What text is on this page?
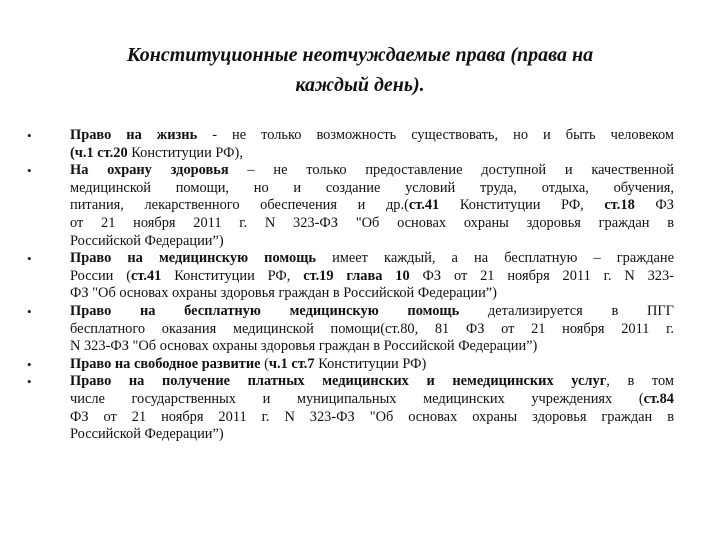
Конституционные неотчуждаемые права (права на
каждый день).
•	Право на жизнь - не только возможность существовать, но и быть человеком
(ч.1 ст.20 Конституции РФ),
•	На охрану здоровья – не только предоставление доступной и качественной
медицинской помощи, но и создание условий труда, отдыха, обучения,
питания, лекарственного обеспечения и др.(ст.41 Конституции РФ, ст.18 ФЗ
от 21 ноября 2011 г. N 323-ФЗ "Об основах охраны здоровья граждан в
Российской Федерации”)
•	Право на медицинскую помощь имеет каждый, а на бесплатную – граждане
России (ст.41 Конституции РФ, ст.19 глава 10 ФЗ от 21 ноября 2011 г. N 323-
ФЗ "Об основах охраны здоровья граждан в Российской Федерации”)
•	Право на бесплатную медицинскую помощь детализируется в ПГГ
бесплатного оказания медицинской помощи(ст.80, 81 ФЗ от 21 ноября 2011 г.
N 323-ФЗ "Об основах охраны здоровья граждан в Российской Федерации”)
•	Право на свободное развитие (ч.1 ст.7 Конституции РФ)
•	Право на получение платных медицинских и немедицинских услуг, в том
числе государственных и муниципальных медицинских учреждениях (ст.84
ФЗ от 21 ноября 2011 г. N 323-ФЗ "Об основах охраны здоровья граждан в
Российской Федерации”)
